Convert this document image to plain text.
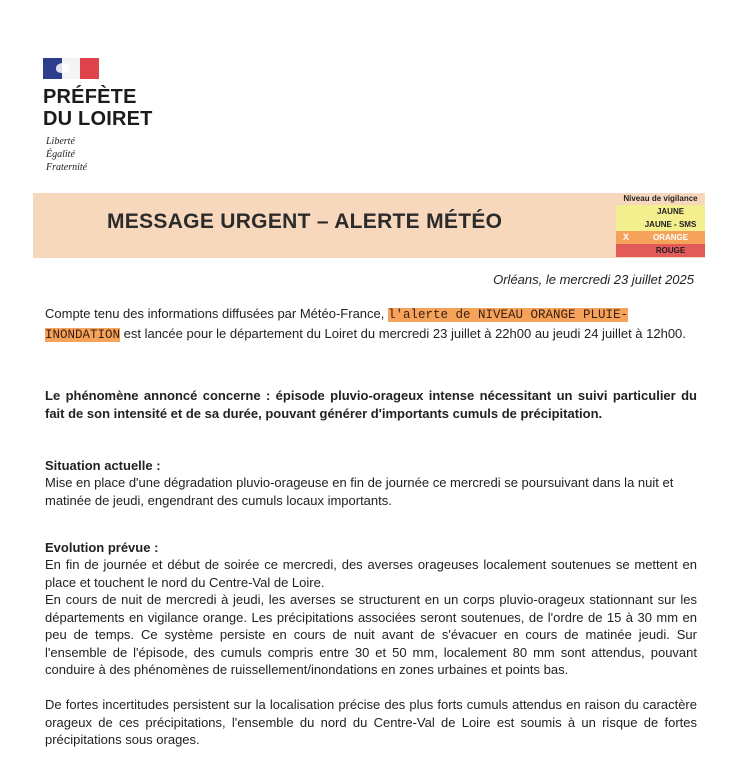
PRÉFÈTE
DU LOIRET
Liberté
Égalité
Fraternité
MESSAGE URGENT – ALERTE MÉTÉO
Niveau de vigilance
JAUNE
JAUNE - SMS
X	ORANGE
ROUGE
Orléans, le mercredi 23 juillet 2025
Compte tenu des informations diffusées par Météo-France, l'alerte de NIVEAU ORANGE PLUIE-INONDATION est lancée pour le département du Loiret du mercredi 23 juillet à 22h00 au jeudi 24 juillet à 12h00.
Le phénomène annoncé concerne : épisode pluvio-orageux intense nécessitant un suivi particulier du fait de son intensité et de sa durée, pouvant générer d'importants cumuls de précipitation.
Situation actuelle :
Mise en place d'une dégradation pluvio-orageuse en fin de journée ce mercredi se poursuivant dans la nuit et matinée de jeudi, engendrant des cumuls locaux importants.
Evolution prévue :
En fin de journée et début de soirée ce mercredi, des averses orageuses localement soutenues se mettent en place et touchent le nord du Centre-Val de Loire.
En cours de nuit de mercredi à jeudi, les averses se structurent en un corps pluvio-orageux stationnant sur les départements en vigilance orange. Les précipitations associées seront soutenues, de l'ordre de 15 à 30 mm en peu de temps. Ce système persiste en cours de nuit avant de s'évacuer en cours de matinée jeudi. Sur l'ensemble de l'épisode, des cumuls compris entre 30 et 50 mm, localement 80 mm sont attendus, pouvant conduire à des phénomènes de ruissellement/inondations en zones urbaines et points bas.
De fortes incertitudes persistent sur la localisation précise des plus forts cumuls attendus en raison du caractère orageux de ces précipitations, l'ensemble du nord du Centre-Val de Loire est soumis à un risque de fortes précipitations sous orages.
